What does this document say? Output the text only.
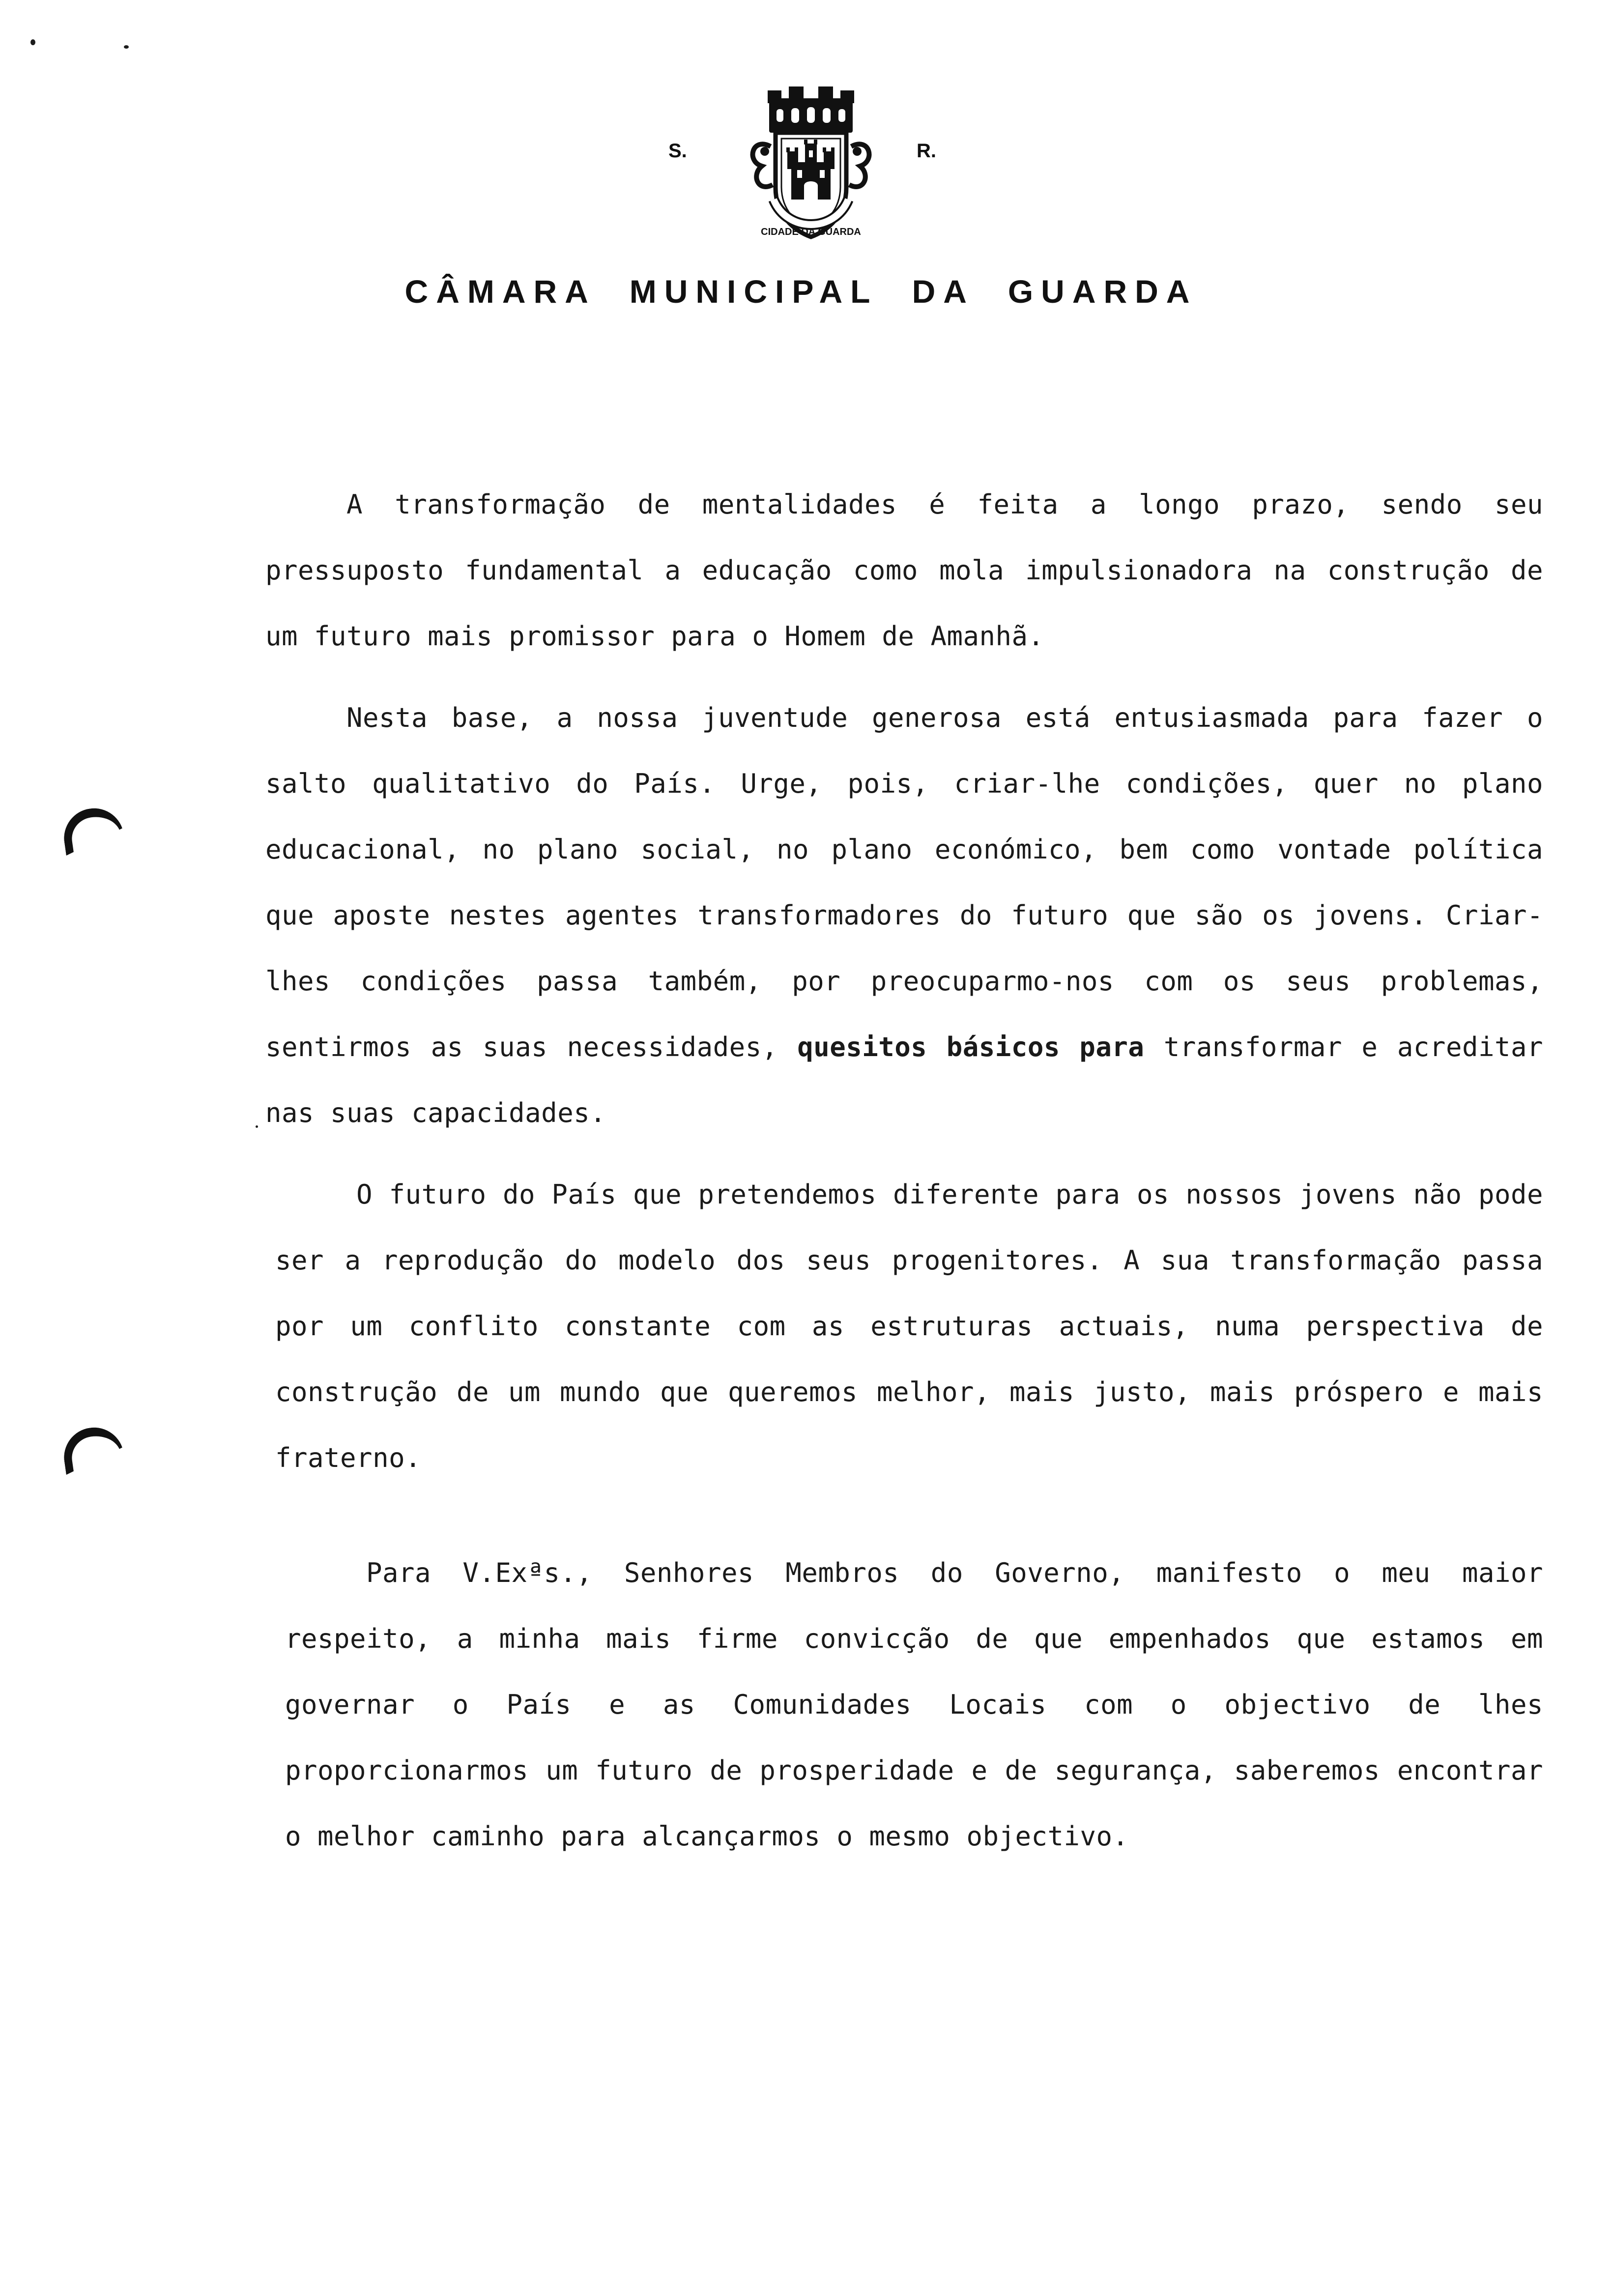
S.
CIDADE DA GUARDA
R.
CÂMARA MUNICIPAL DA GUARDA

A transformação de mentalidades é feita a longo prazo, sendo seu pressuposto fundamental a educação como mola impulsionadora na construção de um futuro mais promissor para o Homem de Amanhã.

Nesta base, a nossa juventude generosa está entusiasmada para fazer o salto qualitativo do País. Urge, pois, criar-lhe condições, quer no plano educacional, no plano social, no plano económico, bem como vontade política que aposte nestes agentes transformadores do futuro que são os jovens. Criar-lhes condições passa também, por preocuparmo-nos com os seus problemas, sentirmos as suas necessidades, quesitos básicos para transformar e acreditar nas suas capacidades.

O futuro do País que pretendemos diferente para os nossos jovens não pode ser a reprodução do modelo dos seus progenitores. A sua transformação passa por um conflito constante com as estruturas actuais, numa perspectiva de construção de um mundo que queremos melhor, mais justo, mais próspero e mais fraterno.

Para V.Exªs., Senhores Membros do Governo, manifesto o meu maior respeito, a minha mais firme convicção de que empenhados que estamos em governar o País e as Comunidades Locais com o objectivo de lhes proporcionarmos um futuro de prosperidade e de segurança, saberemos encontrar o melhor caminho para alcançarmos o mesmo objectivo.
